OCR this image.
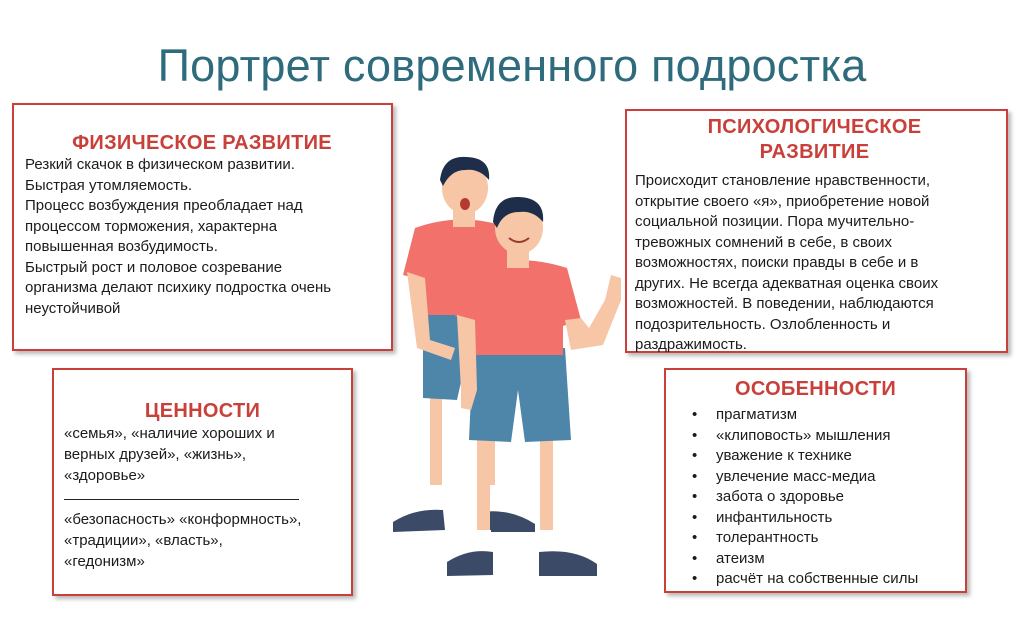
Портрет современного подростка
ФИЗИЧЕСКОЕ РАЗВИТИЕ

Резкий скачок в физическом развитии.

Быстрая утомляемость.

Процесс возбуждения преобладает над

процессом торможения, характерна

повышенная возбудимость.

Быстрый рост и половое созревание

организма делают психику подростка очень

неустойчивой

ПСИХОЛОГИЧЕСКОЕ
РАЗВИТИЕ

Происходит становление нравственности,

открытие своего «я», приобретение новой

социальной позиции. Пора мучительно-

тревожных сомнений в себе, в своих

возможностях, поиски правды в себе и в

других. Не всегда адекватная оценка своих

возможностей. В поведении, наблюдаются

подозрительность. Озлобленность и

раздражимость.

ЦЕННОСТИ

«семья», «наличие хороших и

верных друзей», «жизнь»,

«здоровье»

«безопасность» «конформность»,

«традиции», «власть»,

«гедонизм»

ОСОБЕННОСТИ
• прагматизм
• «клиповость» мышления
• уважение к технике
• увлечение масс-медиа
• забота о здоровье
• инфантильность
• толерантность
• атеизм
• расчёт на собственные силы
